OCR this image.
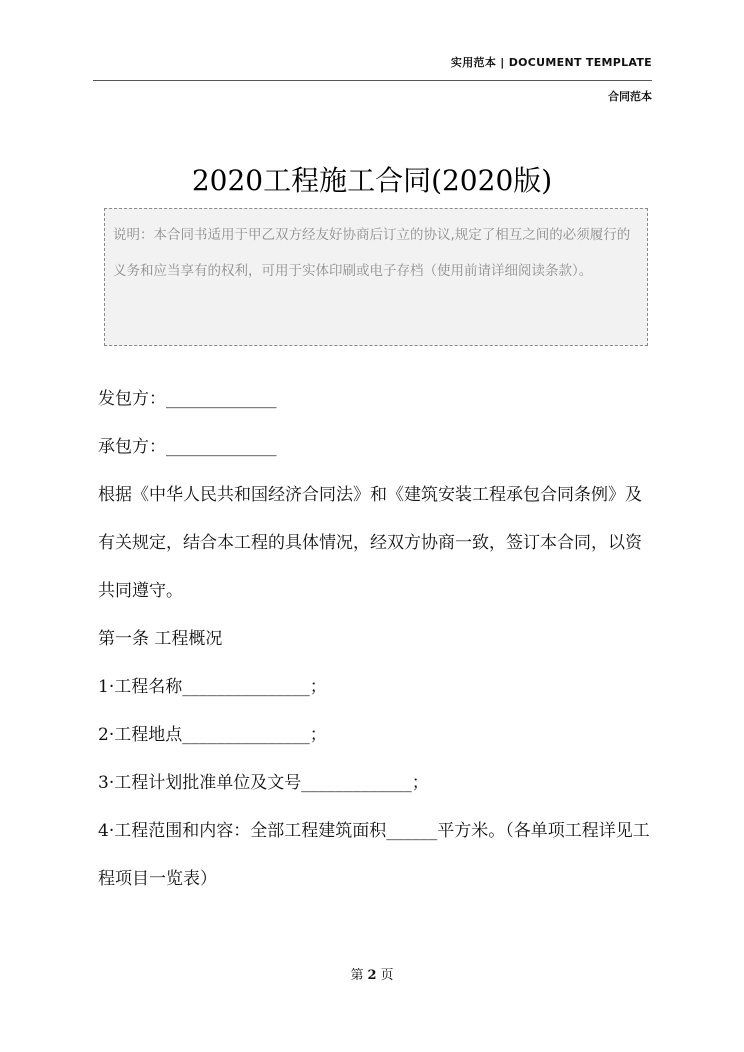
实用范本 | DOCUMENT TEMPLATE
合同范本
2020工程施工合同(2020版)
说明：本合同书适用于甲乙双方经友好协商后订立的协议,规定了相互之间的必须履行的义务和应当享有的权利，可用于实体印刷或电子存档（使用前请详细阅读条款）。

发包方：_____________

承包方：_____________

根据《中华人民共和国经济合同法》和《建筑安装工程承包合同条例》及有关规定，结合本工程的具体情况，经双方协商一致，签订本合同，以资共同遵守。

第一条 工程概况

1·工程名称_______________；

2·工程地点_______________；

3·工程计划批准单位及文号_____________；

4·工程范围和内容：全部工程建筑面积______平方米。（各单项工程详见工程项目一览表）

第 2 页
